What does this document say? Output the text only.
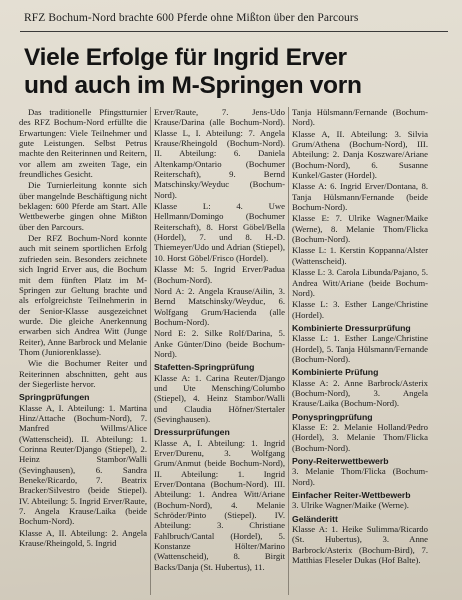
RFZ Bochum-Nord brachte 600 Pferde ohne Mißton über den Parcours
Viele Erfolge für Ingrid Erver
und auch im M-Springen vorn

Das traditionelle Pfingstturnier des RFZ Bochum-Nord erfüllte die Erwartungen: Viele Teilnehmer und gute Leistungen. Selbst Petrus machte den Reiterinnen und Reitern, vor allem am zweiten Tage, ein freundliches Gesicht.

Die Turnierleitung konnte sich über mangelnde Beschäftigung nicht beklagen: 600 Pferde am Start. Alle Wettbewerbe gingen ohne Mißton über den Parcours.

Der RFZ Bochum-Nord konnte auch mit seinem sportlichen Erfolg zufrieden sein. Besonders zeichnete sich Ingrid Erver aus, die Bochum mit dem fünften Platz im M-Springen zur Geltung brachte und als erfolgreichste Teilnehmerin in der Senior-Klasse ausgezeichnet wurde. Die gleiche Anerkennung erwarben sich Andrea Witt (Junge Reiter), Anne Barbrock und Melanie Thom (Juniorenklasse).

Wie die Bochumer Reiter und Reiterinnen abschnitten, geht aus der Siegerliste hervor.

Springprüfungen

Klasse A, I. Abteilung: 1. Martina Hinz/Attache (Bochum-Nord), 7. Manfred Willms/Alice (Wattenscheid). II. Abteilung: 1. Corinna Reuter/Django (Stiepel), 2. Heinz Stambor/Walli (Sevinghausen), 6. Sandra Beneke/Ricardo, 7. Beatrix Bracker/Silvestro (beide Stiepel). IV. Abteilung: 5. Ingrid Erver/Raute, 7. Angela Krause/Laika (beide Bochum-Nord).

Klasse A, II. Abteilung: 2. Angela Krause/Rheingold, 5. Ingrid

Erver/Raute, 7. Jens-Udo Krause/Darina (alle Bochum-Nord). Klasse L, I. Abteilung: 7. Angela Krause/Rheingold (Bochum-Nord). II. Abteilung: 6. Daniela Altenkamp/Ontario (Bochumer Reiterschaft), 9. Bernd Matschinsky/Weyduc (Bochum-Nord).

Klasse L: 4. Uwe Hellmann/Domingo (Bochumer Reiterschaft), 8. Horst Göbel/Bella (Hordel), 7. und 8. H.-D. Thiemeyer/Udo und Adrian (Stiepel), 10. Horst Göbel/Frisco (Hordel).

Klasse M: 5. Ingrid Erver/Padua (Bochum-Nord).

Nord A: 2. Angela Krause/Ailin, 3. Bernd Matschinsky/Weyduc, 6. Wolfgang Grum/Hacienda (alle Bochum-Nord).

Nord E: 2. Silke Rolf/Darina, 5. Anke Günter/Dino (beide Bochum-Nord).

Stafetten-Springprüfung

Klasse A: 1. Carina Reuter/Django und Ute Mensching/Columbo (Stiepel), 4. Heinz Stambor/Walli und Claudia Höfner/Stertaler (Sevinghausen).

Dressurprüfungen

Klasse A, I. Abteilung: 1. Ingrid Erver/Durenu, 3. Wolfgang Grum/Anmut (beide Bochum-Nord), II. Abteilung: 1. Ingrid Erver/Dontana (Bochum-Nord). III. Abteilung: 1. Andrea Witt/Ariane (Bochum-Nord), 4. Melanie Schröder/Pinto (Stiepel). IV. Abteilung: 3. Christiane Fahlbruch/Cantal (Hordel), 5. Konstanze Hölter/Marino (Wattenscheid), 8. Birgit Backs/Danja (St. Hubertus), 11.

Tanja Hülsmann/Fernande (Bochum-Nord).

Klasse A, II. Abteilung: 3. Silvia Grum/Athena (Bochum-Nord), III. Abteilung: 2. Danja Koszware/Ariane (Bochum-Nord), 6. Susanne Kunkel/Gaster (Hordel).

Klasse A: 6. Ingrid Erver/Dontana, 8. Tanja Hülsmann/Fernande (beide Bochum-Nord).

Klasse E: 7. Ulrike Wagner/Maike (Werne), 8. Melanie Thom/Flicka (Bochum-Nord).

Klasse L: 1. Kerstin Koppanna/Alster (Wattenscheid).

Klasse L: 3. Carola Libunda/Pajano, 5. Andrea Witt/Ariane (beide Bochum-Nord).

Klasse L: 3. Esther Lange/Christine (Hordel).

Kombinierte Dressurprüfung

Klasse L: 1. Esther Lange/Christine (Hordel), 5. Tanja Hülsmann/Fernande (Bochum-Nord).

Kombinierte Prüfung

Klasse A: 2. Anne Barbrock/Asterix (Bochum-Nord), 3. Angela Krause/Laika (Bochum-Nord).

Ponyspringprüfung

Klasse E: 2. Melanie Holland/Pedro (Hordel), 3. Melanie Thom/Flicka (Bochum-Nord).

Pony-Reiterwettbewerb

3. Melanie Thom/Flicka (Bochum-Nord).

Einfacher Reiter-Wettbewerb

3. Ulrike Wagner/Maike (Werne).

Geländeritt

Klasse A: 1. Heike Sulimma/Ricardo (St. Hubertus), 3. Anne Barbrock/Asterix (Bochum-Bird), 7. Matthias Fleseler Dukas (Hof Balte).
